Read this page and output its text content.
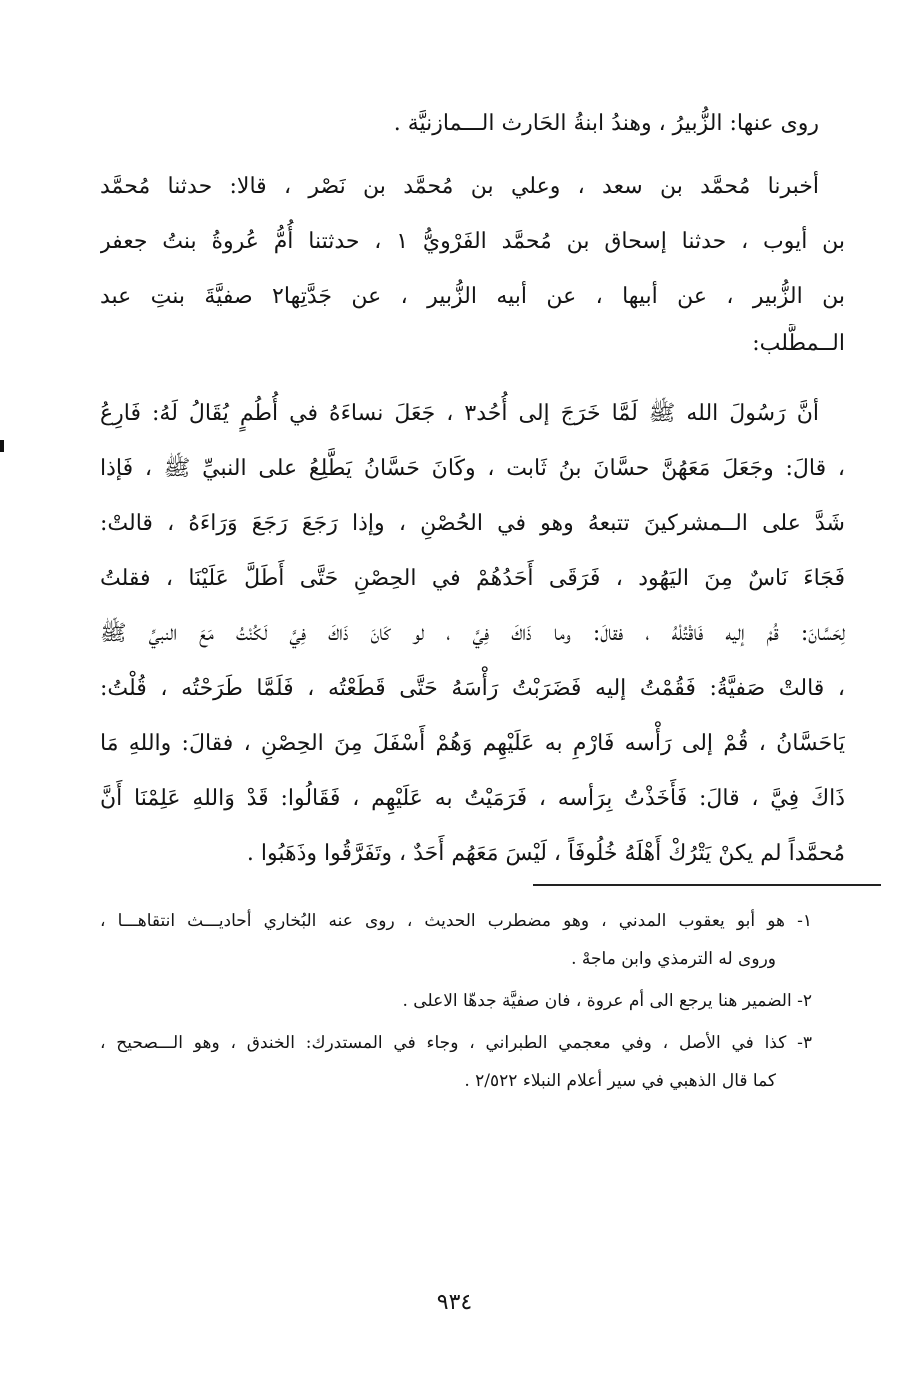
روى عنها: الزُّبيرُ ، وهندُ ابنةُ الحَارث الـــمازنيَّة .
أخبرنا مُحمَّد بن سعد ، وعلي بن مُحمَّد بن نَصْر ، قالا: حدثنا مُحمَّد
بن أيوب ، حدثنا إسحاق بن مُحمَّد الفَرْويُّ ١ ، حدثتنا أُمُّ عُروةُ بنتُ جعفر
بن الزُّبير ، عن أبيها ، عن أبيه الزُّبير ، عن جَدَّتِها٢ صفيَّةَ بنتِ عبد
الــمطَّلب:
أنَّ رَسُولَ الله ﷺ لَمَّا خَرَجَ إلى أُحُد٣ ، جَعَلَ نساءَهُ في أُطُمٍ يُقَالُ لَهُ: فَارِعُ
، قالَ: وجَعَلَ مَعَهُنَّ حسَّانَ بنُ ثَابت ، وكَانَ حَسَّانُ يَطَّلِعُ على النبيِّ ﷺ ، فَإذا
شَدَّ على الــمشركينَ تتبعهُ وهو في الحُصْنِ ، وإذا رَجَعَ رَجَعَ وَرَاءَهُ ، قالتْ:
فَجَاءَ نَاسٌ مِنَ اليَهُود ، فَرَقَى أَحَدُهُمْ في الحِصْنِ حَتَّى أَطَلَّ عَلَيْنَا ، فقلتُ
لِحَسَّانَ: قُمْ إليه فَاقْتُلْهُ ، فقالَ: وما ذَاكَ فِيَّ ، لو كَانَ ذَاكَ فِيَّ لَكُنْتُ مَعَ النبيِّ ﷺ
، قالتْ صَفيَّةُ: فَقُمْتُ إليه فَضَرَبْتُ رَأْسَهُ حَتَّى قَطَعْتُه ، فَلَمَّا طَرَحْتُه ، قُلْتُ:
يَاحَسَّانُ ، قُمْ إلى رَأْسه فَارْمِ به عَلَيْهِم وَهُمْ أَسْفَلَ مِنَ الحِصْنِ ، فقالَ: واللهِ مَا
ذَاكَ فِيَّ ، قالَ: فَأَخَذْتُ بِرَأسه ، فَرَمَيْتُ به عَلَيْهِم ، فَقَالُوا: قَدْ وَاللهِ عَلِمْنَا أَنَّ
مُحمَّداً لم يكنْ يَتْرُكْ أَهْلَهُ خُلُوفَاً ، لَيْسَ مَعَهُم أَحَدٌ ، وتَفَرَّقُوا وذَهَبُوا .
١- هو أبو يعقوب المدني ، وهو مضطرب الحديث ، روى عنه البُخاري أحاديـــث انتقاهـــا ،
وروى له الترمذي وابن ماجهْ .
٢- الضمير هنا يرجع الى أم عروة ، فان صفيَّة جدهّا الاعلى .
٣- كذا في الأصل ، وفي معجمي الطبراني ، وجاء في المستدرك: الخندق ، وهو الـــصحيح ،
كما قال الذهبي في سير أعلام النبلاء ٢/٥٢٢ .
٩٣٤
